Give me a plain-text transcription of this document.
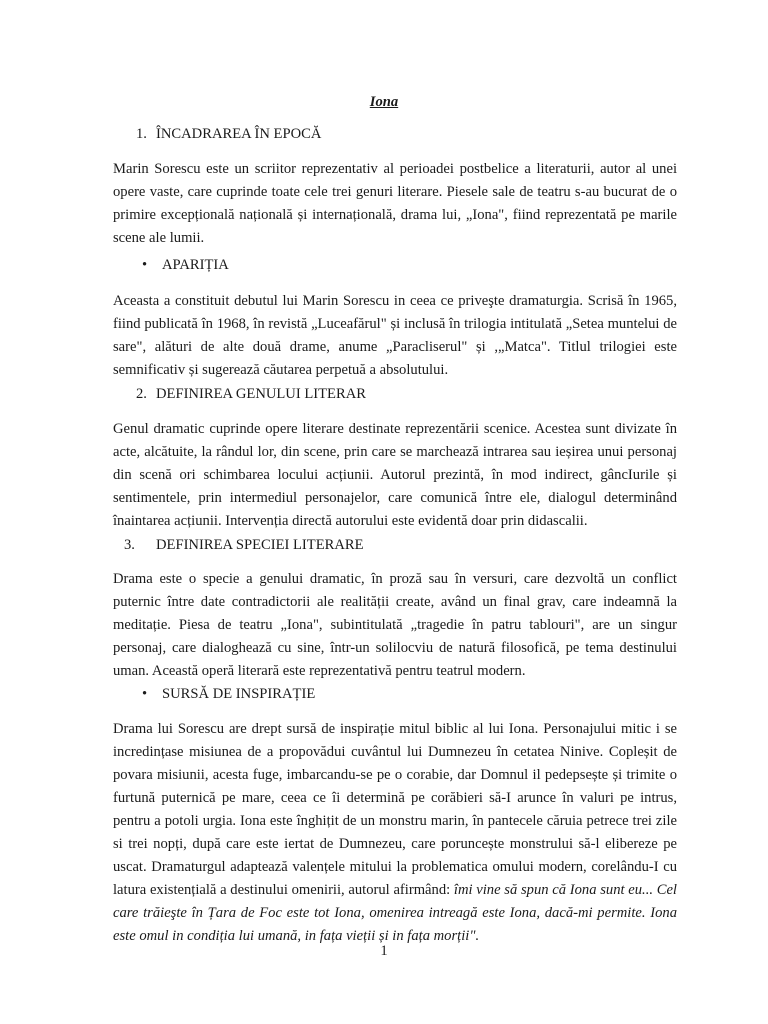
Iona
1. ÎNCADRAREA ÎN EPOCĂ

Marin Sorescu este un scriitor reprezentativ al perioadei postbelice a literaturii, autor al unei opere vaste, care cuprinde toate cele trei genuri literare. Piesele sale de teatru s-au bucurat de o primire excepțională națională și internațională, drama lui, „Iona", fiind reprezentată pe marile scene ale lumii.

• APARIȚIA

Aceasta a constituit debutul lui Marin Sorescu in ceea ce priveşte dramaturgia. Scrisă în 1965, fiind publicată în 1968, în revistă „Luceafărul" și inclusă în trilogia intitulată „Setea muntelui de sare", alături de alte două drame, anume „Paracliserul" și ,„Matca". Titlul trilogiei este semnificativ și sugerează căutarea perpetuă a absolutului.

2. DEFINIREA GENULUI LITERAR

Genul dramatic cuprinde opere literare destinate reprezentării scenice. Acestea sunt divizate în acte, alcătuite, la rândul lor, din scene, prin care se marchează intrarea sau ieșirea unui personaj din scenă ori schimbarea locului acțiunii. Autorul prezintă, în mod indirect, gâncIurile și sentimentele, prin intermediul personajelor, care comunică între ele, dialogul determinând înaintarea acțiunii. Intervenția directă autorului este evidentă doar prin didascalii.

3. DEFINIREA SPECIEI LITERARE

Drama este o specie a genului dramatic, în proză sau în versuri, care dezvoltă un conflict puternic între date contradictorii ale realității create, având un final grav, care indeamnă la meditație. Piesa de teatru „Iona", subintitulată „tragedie în patru tablouri", are un singur personaj, care dialoghează cu sine, într-un solilocviu de natură filosofică, pe tema destinului uman. Această operă literară este reprezentativă pentru teatrul modern.

• SURSĂ DE INSPIRAȚIE

Drama lui Sorescu are drept sursă de inspirație mitul biblic al lui Iona. Personajului mitic i se incredințase misiunea de a propovădui cuvântul lui Dumnezeu în cetatea Ninive. Copleșit de povara misiunii, acesta fuge, imbarcandu-se pe o corabie, dar Domnul il pedepsește și trimite o furtună puternică pe mare, ceea ce îi determină pe corăbieri să-I arunce în valuri pe intrus, pentru a potoli urgia. Iona este înghițit de un monstru marin, în pantecele căruia petrece trei zile si trei nopți, după care este iertat de Dumnezeu, care poruncește monstrului să-l elibereze pe uscat. Dramaturgul adaptează valențele mitului la problematica omului modern, corelându-I cu latura existențială a destinului omenirii, autorul afirmând: îmi vine să spun că Iona sunt eu... Cel care trăieşte în Țara de Foc este tot Iona, omenirea intreagă este Iona, dacă-mi permite. Iona este omul in condiția lui umană, in fața vieții și in fața morții".

1
